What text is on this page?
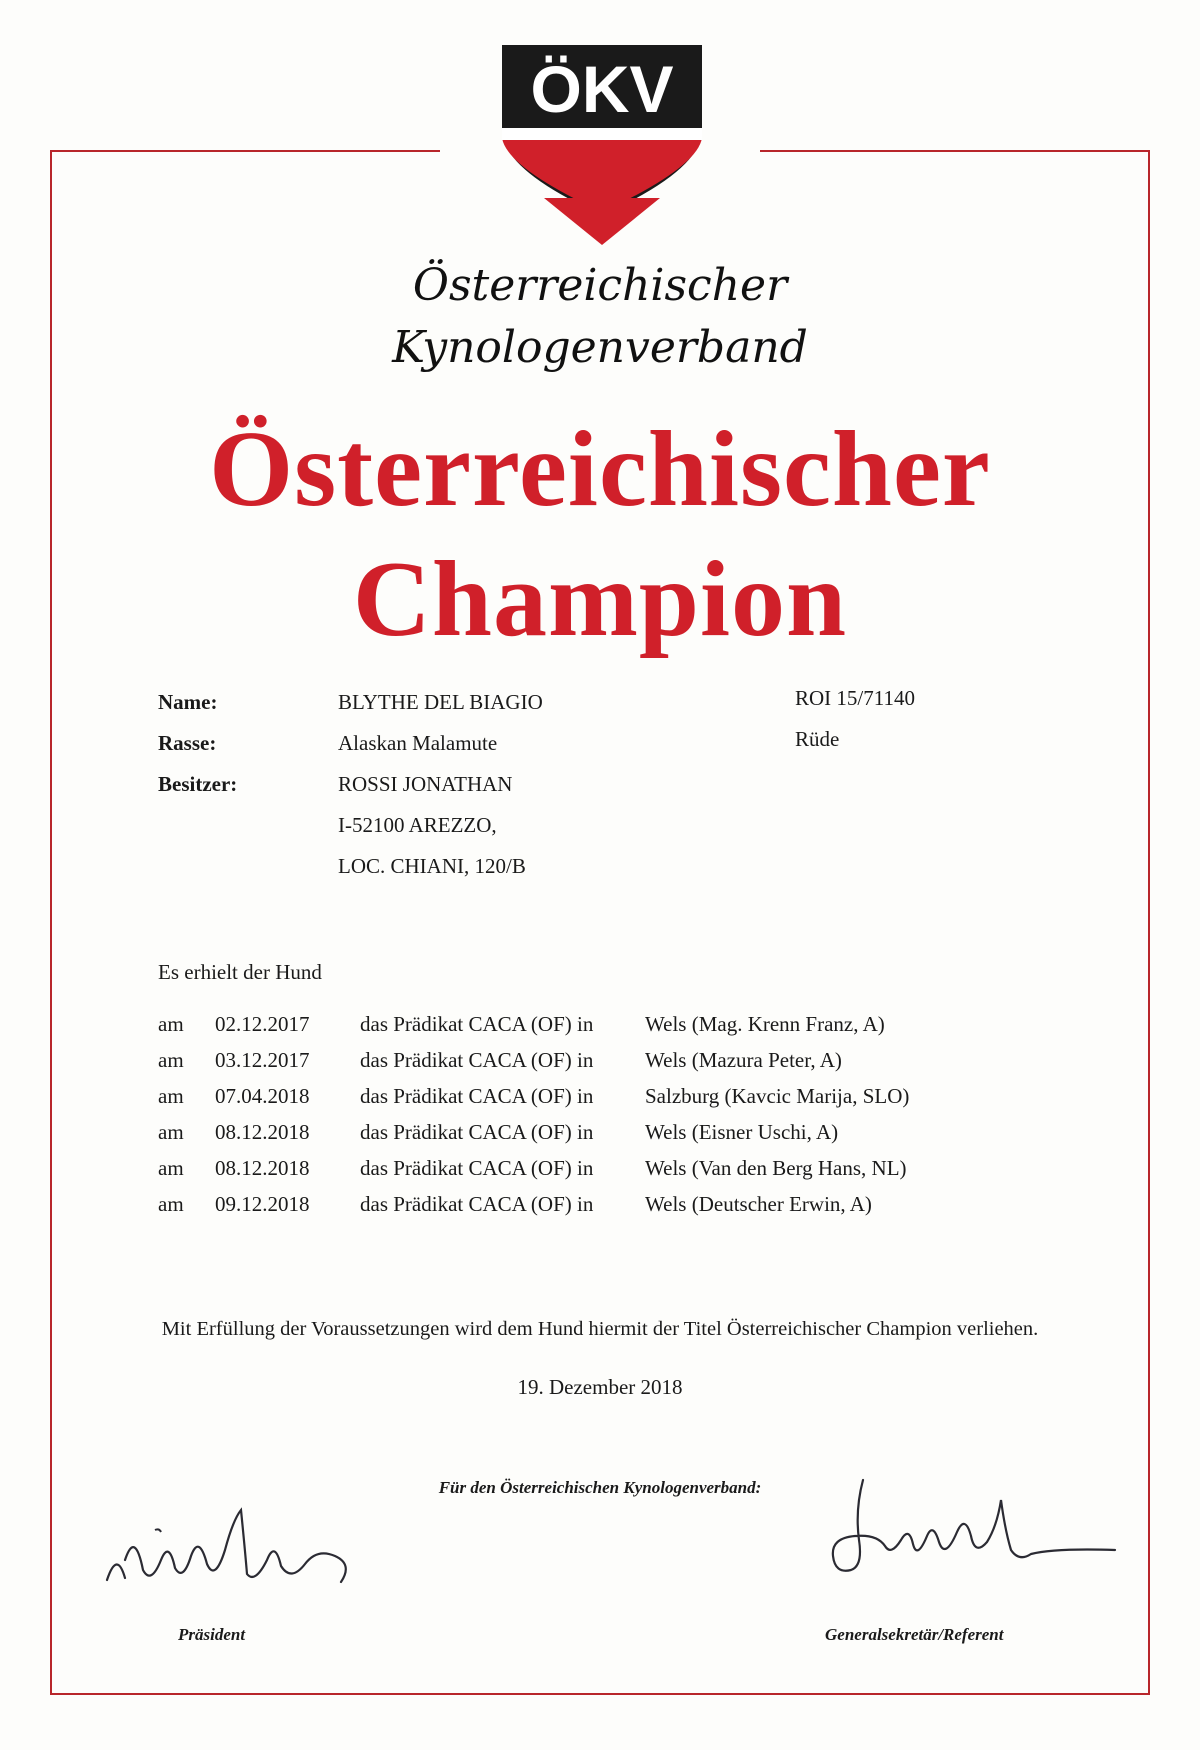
ÖKV
Österreichischer
Kynologenverband
Österreichischer
Champion
Name:	BLYTHE DEL BIAGIO	ROI 15/71140
Rasse:	Alaskan Malamute	Rüde
Besitzer:	ROSSI JONATHAN
I-52100 AREZZO,
LOC. CHIANI, 120/B
Es erhielt der Hund
am 02.12.2017 das Prädikat CACA (OF) in Wels (Mag. Krenn Franz, A)
am 03.12.2017 das Prädikat CACA (OF) in Wels (Mazura Peter, A)
am 07.04.2018 das Prädikat CACA (OF) in Salzburg (Kavcic Marija, SLO)
am 08.12.2018 das Prädikat CACA (OF) in Wels (Eisner Uschi, A)
am 08.12.2018 das Prädikat CACA (OF) in Wels (Van den Berg Hans, NL)
am 09.12.2018 das Prädikat CACA (OF) in Wels (Deutscher Erwin, A)
Mit Erfüllung der Voraussetzungen wird dem Hund hiermit der Titel Österreichischer Champion verliehen.
19. Dezember 2018
Für den Österreichischen Kynologenverband:
Präsident	Generalsekretär/Referent
